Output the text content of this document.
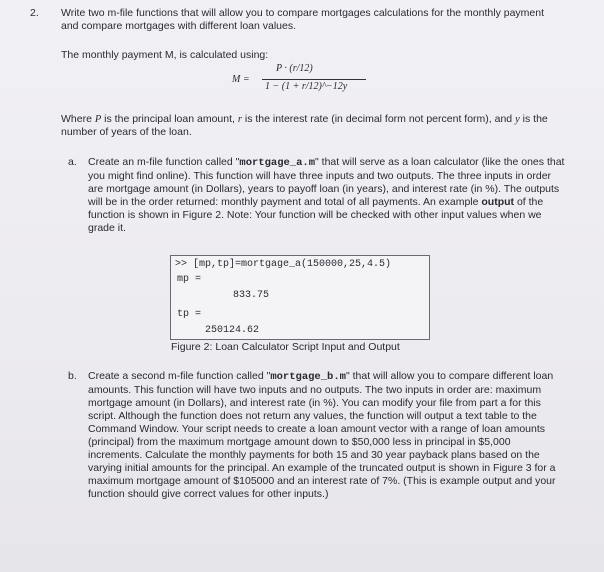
2. Write two m-file functions that will allow you to compare mortgages calculations for the monthly payment and compare mortgages with different loan values.
The monthly payment M, is calculated using:
M =
P · (r/12)
1 − (1 + r/12)^−12y
Where P is the principal loan amount, r is the interest rate (in decimal form not percent form), and y is the number of years of the loan.
a. Create an m-file function called "mortgage_a.m" that will serve as a loan calculator (like the ones that you might find online). This function will have three inputs and two outputs. The three inputs in order are mortgage amount (in Dollars), years to payoff loan (in years), and interest rate (in %). The outputs will be in the order returned: monthly payment and total of all payments. An example output of the function is shown in Figure 2. Note: Your function will be checked with other input values when we grade it.
>> [mp,tp]=mortgage_a(150000,25,4.5)
mp =
833.75
tp =
250124.62
Figure 2: Loan Calculator Script Input and Output
b. Create a second m-file function called "mortgage_b.m" that will allow you to compare different loan amounts. This function will have two inputs and no outputs. The two inputs in order are: maximum mortgage amount (in Dollars), and interest rate (in %). You can modify your file from part a for this script. Although the function does not return any values, the function will output a text table to the Command Window. Your script needs to create a loan amount vector with a range of loan amounts (principal) from the maximum mortgage amount down to $50,000 less in principal in $5,000 increments. Calculate the monthly payments for both 15 and 30 year payback plans based on the varying initial amounts for the principal. An example of the truncated output is shown in Figure 3 for a maximum mortgage amount of $105000 and an interest rate of 7%. (This is example output and your function should give correct values for other inputs.)
